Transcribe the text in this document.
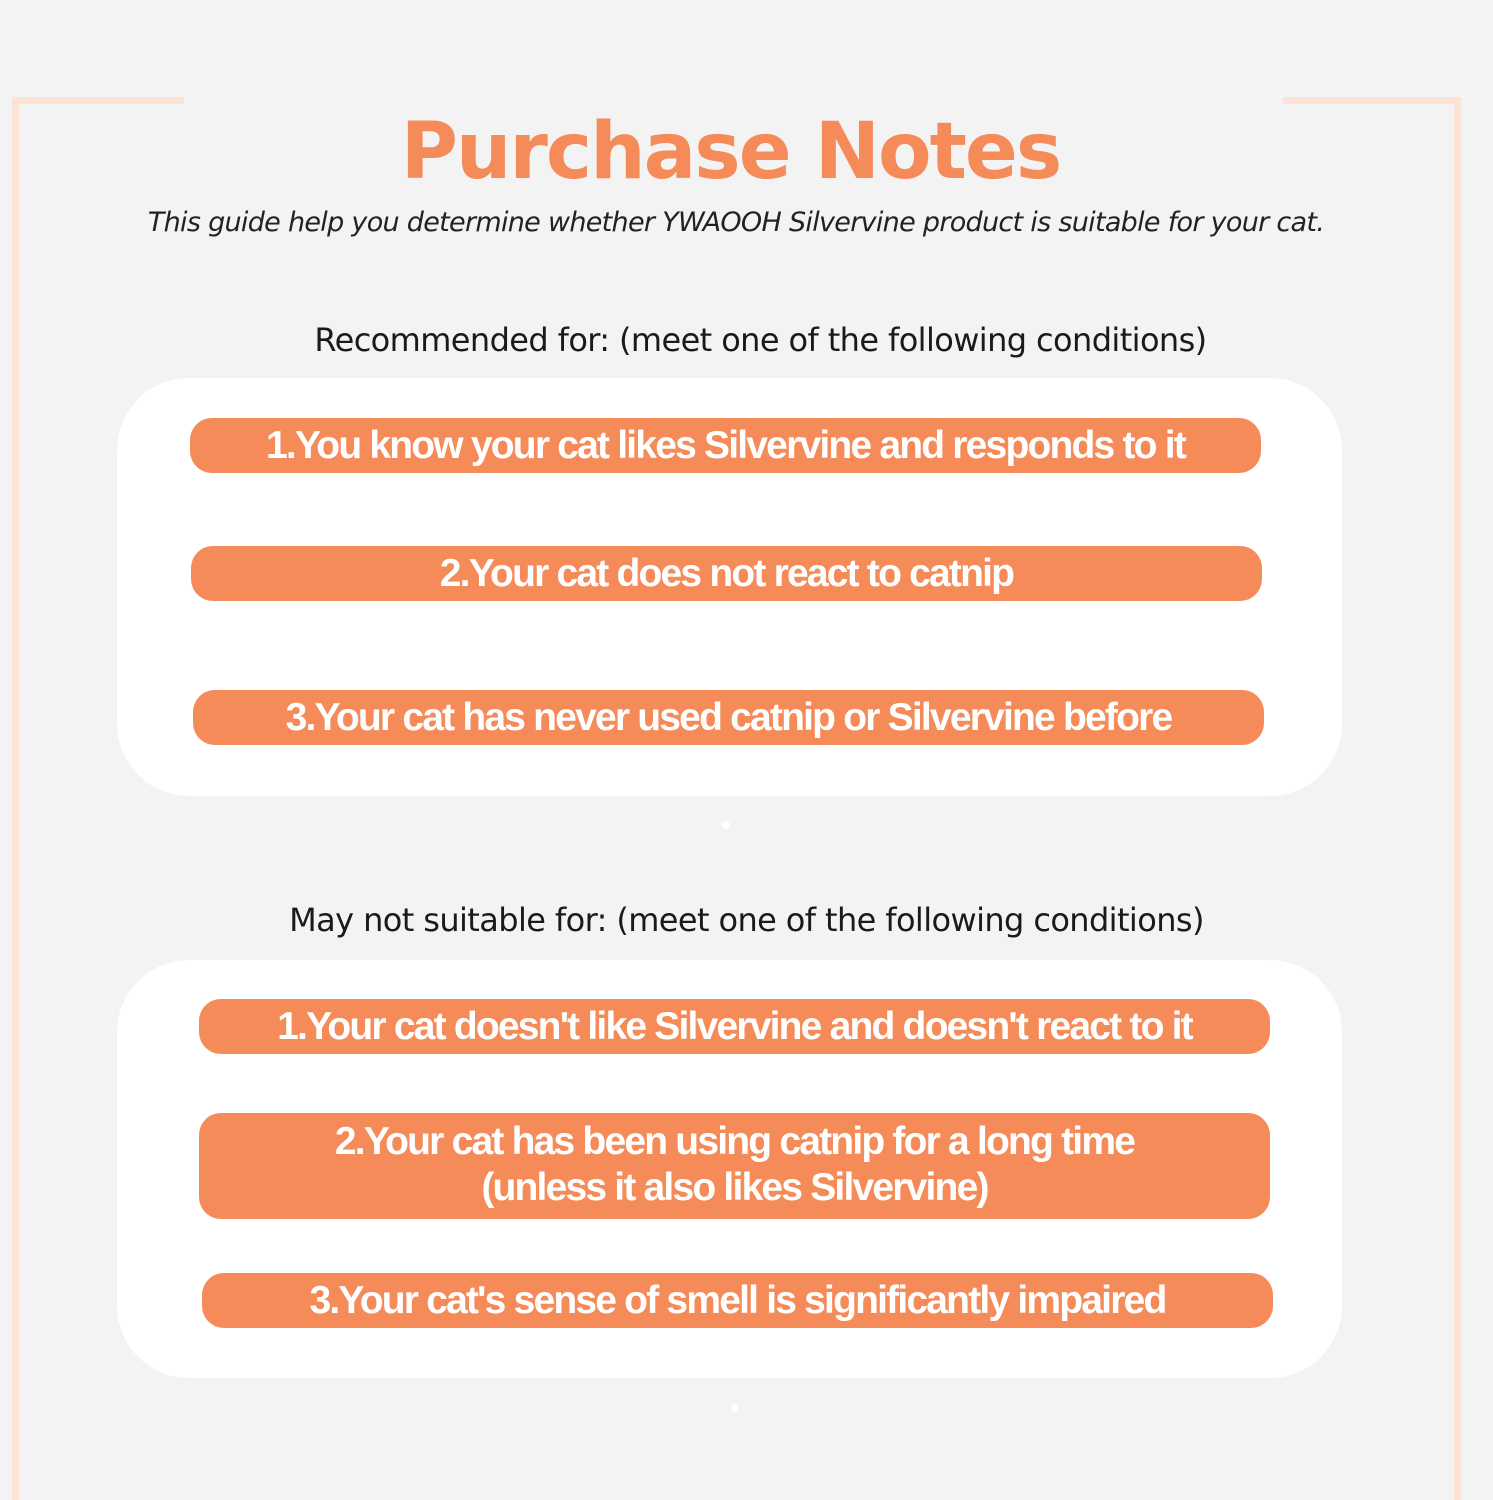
Purchase Notes
This guide help you determine whether YWAOOH Silvervine product is suitable for your cat.
Recommended for: (meet one of the following conditions)
1.You know your cat likes Silvervine and responds to it
2.Your cat does not react to catnip
3.Your cat has never used catnip or Silvervine before
May not suitable for: (meet one of the following conditions)
1.Your cat doesn't like Silvervine and doesn't react to it
2.Your cat has been using catnip for a long time
(unless it also likes Silvervine)
3.Your cat's sense of smell is significantly impaired
